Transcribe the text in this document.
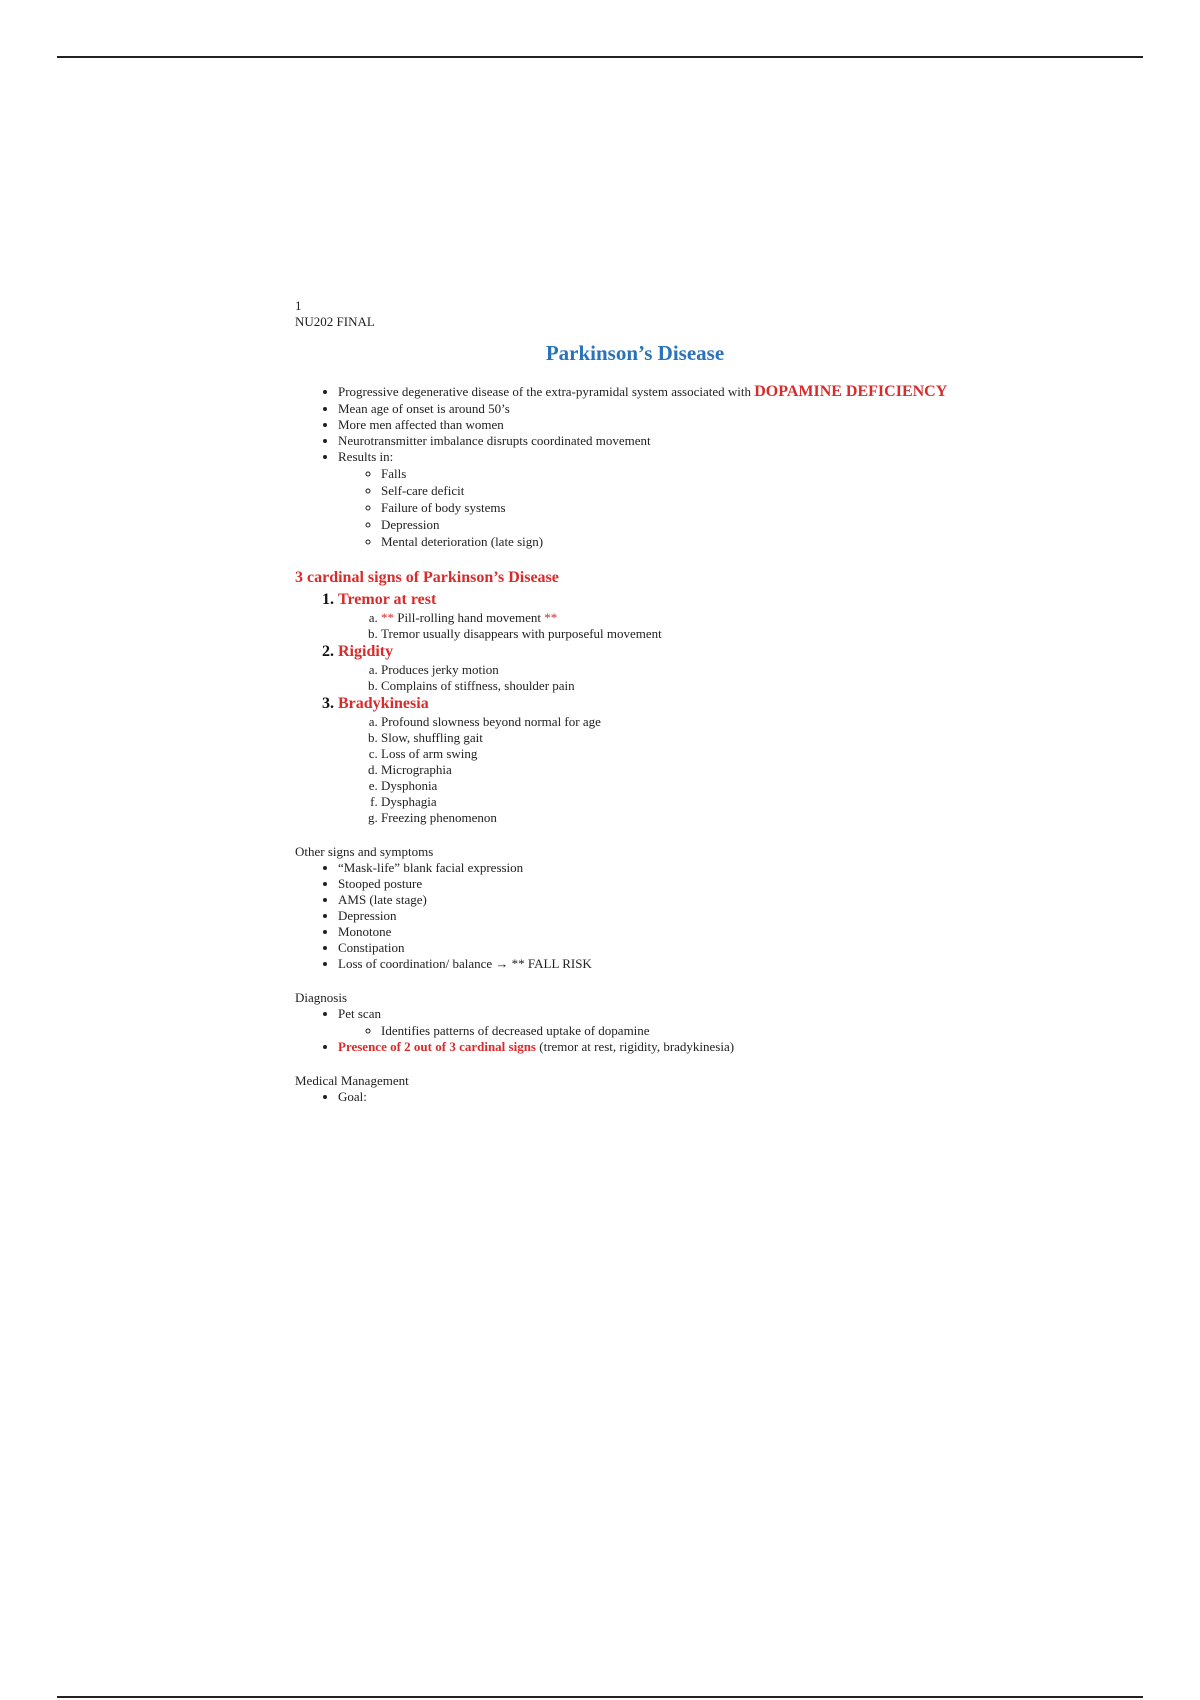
1

NU202 FINAL

Parkinson’s Disease
• Progressive degenerative disease of the extra-pyramidal system associated with DOPAMINE DEFICIENCY
• Mean age of onset is around 50’s
• More men affected than women
• Neurotransmitter imbalance disrupts coordinated movement
• Results in:
◦ Falls
◦ Self-care deficit
◦ Failure of body systems
◦ Depression
◦ Mental deterioration (late sign)
3 cardinal signs of Parkinson’s Disease
1. Tremor at rest
a. ** Pill-rolling hand movement **
b. Tremor usually disappears with purposeful movement
2. Rigidity
a. Produces jerky motion
b. Complains of stiffness, shoulder pain
3. Bradykinesia
a. Profound slowness beyond normal for age
b. Slow, shuffling gait
c. Loss of arm swing
d. Micrographia
e. Dysphonia
f. Dysphagia
g. Freezing phenomenon

Other signs and symptoms

• “Mask-life” blank facial expression
• Stooped posture
• AMS (late stage)
• Depression
• Monotone
• Constipation
• Loss of coordination/ balance → ** FALL RISK

Diagnosis

• Pet scan
◦ Identifies patterns of decreased uptake of dopamine
• Presence of 2 out of 3 cardinal signs (tremor at rest, rigidity, bradykinesia)

Medical Management

• Goal:
